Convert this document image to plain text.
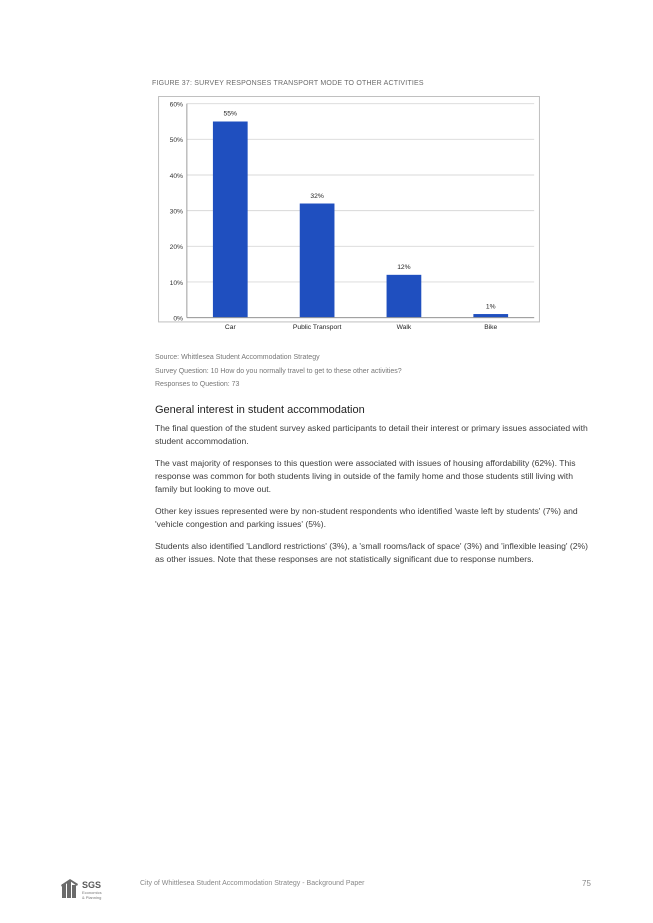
FIGURE 37: SURVEY RESPONSES TRANSPORT MODE TO OTHER ACTIVITIES
0%
10%
20%
30%
40%
50%
60%
55%
32%
12%
1%
Car	Public Transport	Walk	Bike
Source: Whittlesea Student Accommodation Strategy
Survey Question: 10 How do you normally travel to get to these other activities?
Responses to Question: 73
General interest in student accommodation
The final question of the student survey asked participants to detail their interest or primary issues associated with student accommodation.
The vast majority of responses to this question were associated with issues of housing affordability (62%). This response was common for both students living in outside of the family home and those students still living with family but looking to move out.
Other key issues represented were by non-student respondents who identified 'waste left by students' (7%) and 'vehicle congestion and parking issues' (5%).
Students also identified 'Landlord restrictions' (3%), a 'small rooms/lack of space' (3%) and 'inflexible leasing' (2%) as other issues. Note that these responses are not statistically significant due to response numbers.
SGS
Economics
& Planning
City of Whittlesea Student Accommodation Strategy - Background Paper	75
